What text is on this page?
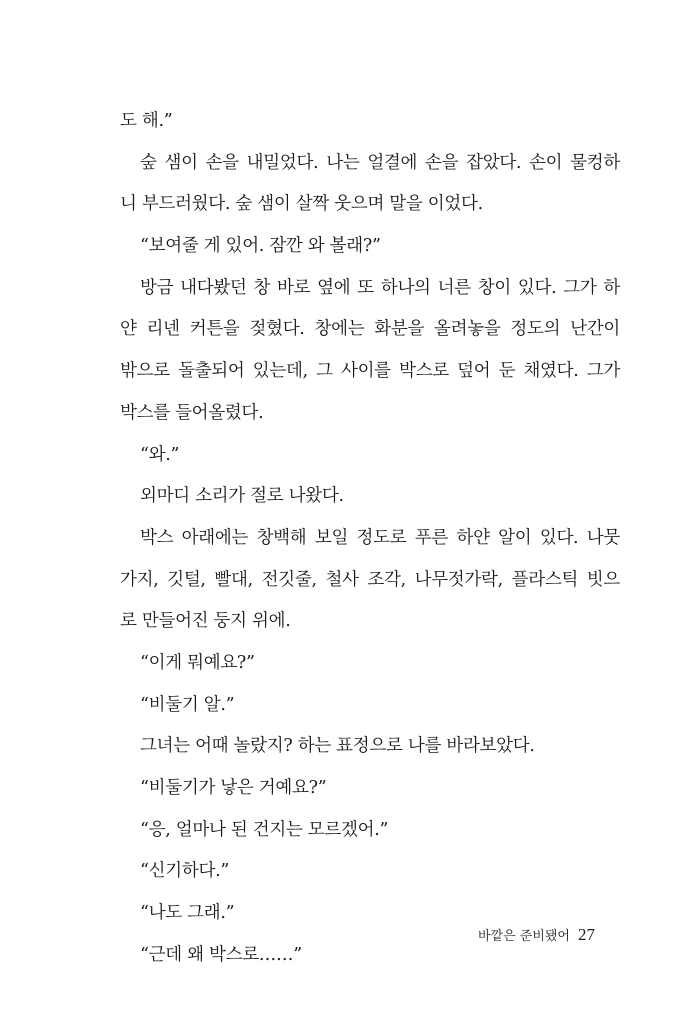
도 해.”
숲 샘이 손을 내밀었다. 나는 얼결에 손을 잡았다. 손이 물컹하
니 부드러웠다. 숲 샘이 살짝 웃으며 말을 이었다.
“보여줄 게 있어. 잠깐 와 볼래?”
방금 내다봤던 창 바로 옆에 또 하나의 너른 창이 있다. 그가 하
얀 리넨 커튼을 젖혔다. 창에는 화분을 올려놓을 정도의 난간이
밖으로 돌출되어 있는데, 그 사이를 박스로 덮어 둔 채였다. 그가
박스를 들어올렸다.
“와.”
외마디 소리가 절로 나왔다.
박스 아래에는 창백해 보일 정도로 푸른 하얀 알이 있다. 나뭇
가지, 깃털, 빨대, 전깃줄, 철사 조각, 나무젓가락, 플라스틱 빗으
로 만들어진 둥지 위에.
“이게 뭐예요?”
“비둘기 알.”
그녀는 어때 놀랐지? 하는 표정으로 나를 바라보았다.
“비둘기가 낳은 거예요?”
“응, 얼마나 된 건지는 모르겠어.”
“신기하다.”
“나도 그래.”
“근데 왜 박스로……”
바깥은 준비됐어 27
